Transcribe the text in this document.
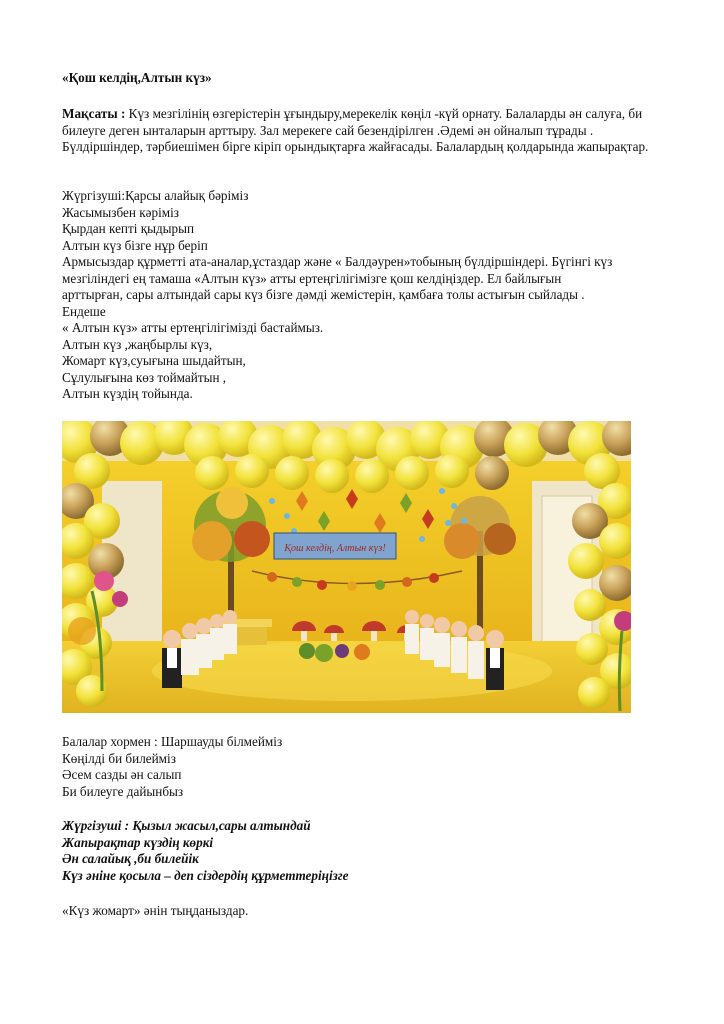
«Қош келдің,Алтын күз»
Мақсаты : Күз мезгілінің өзгерістерін ұғындыру,мерекелік көңіл -күй орнату. Балаларды ән салуға, би билеуге деген ынталарын арттыру. Зал мерекеге сай безендірілген .Әдемі ән ойналып тұрады . Бүлдіршіндер, тәрбиешімен бірге кіріп орындықтарға жайғасады. Балалардың қолдарында жапырақтар.
Жүргізуші:Қарсы алайық бәріміз
Жасымызбен кәріміз
Қырдан кепті қыдырып
Алтын күз бізге нұр беріп
Армысыздар құрметті ата-аналар,ұстаздар және « Балдәурен»тобының бүлдіршіндері. Бүгінгі күз
мезгіліндегі ең тамаша «Алтын күз» атты ертеңгілігімізге қош келдіңіздер. Ел байлығын
арттырған, сары алтындай сары күз бізге дәмді жемістерін, қамбаға толы астығын сыйлады .
Ендеше
« Алтын күз» атты ертеңгілігімізді бастаймыз.
Алтын күз ,жаңбырлы күз,
Жомарт күз,суығына шыдайтын,
Сұлулығына көз тоймайтын ,
Алтын күздің тойында.
Қош келдің, Алтын күз!
Балалар хормен : Шаршауды білмейміз
Көңілді би билейміз
Әсем сазды ән салып
Би билеуге дайынбыз
Жүргізуші : Қызыл жасыл,сары алтындай
Жапырақтар күздің көркі
Ән салайық ,би билейік
Күз әніне қосыла – деп сіздердің құрметтеріңізге
«Күз жомарт» әнін тыңданыздар.
